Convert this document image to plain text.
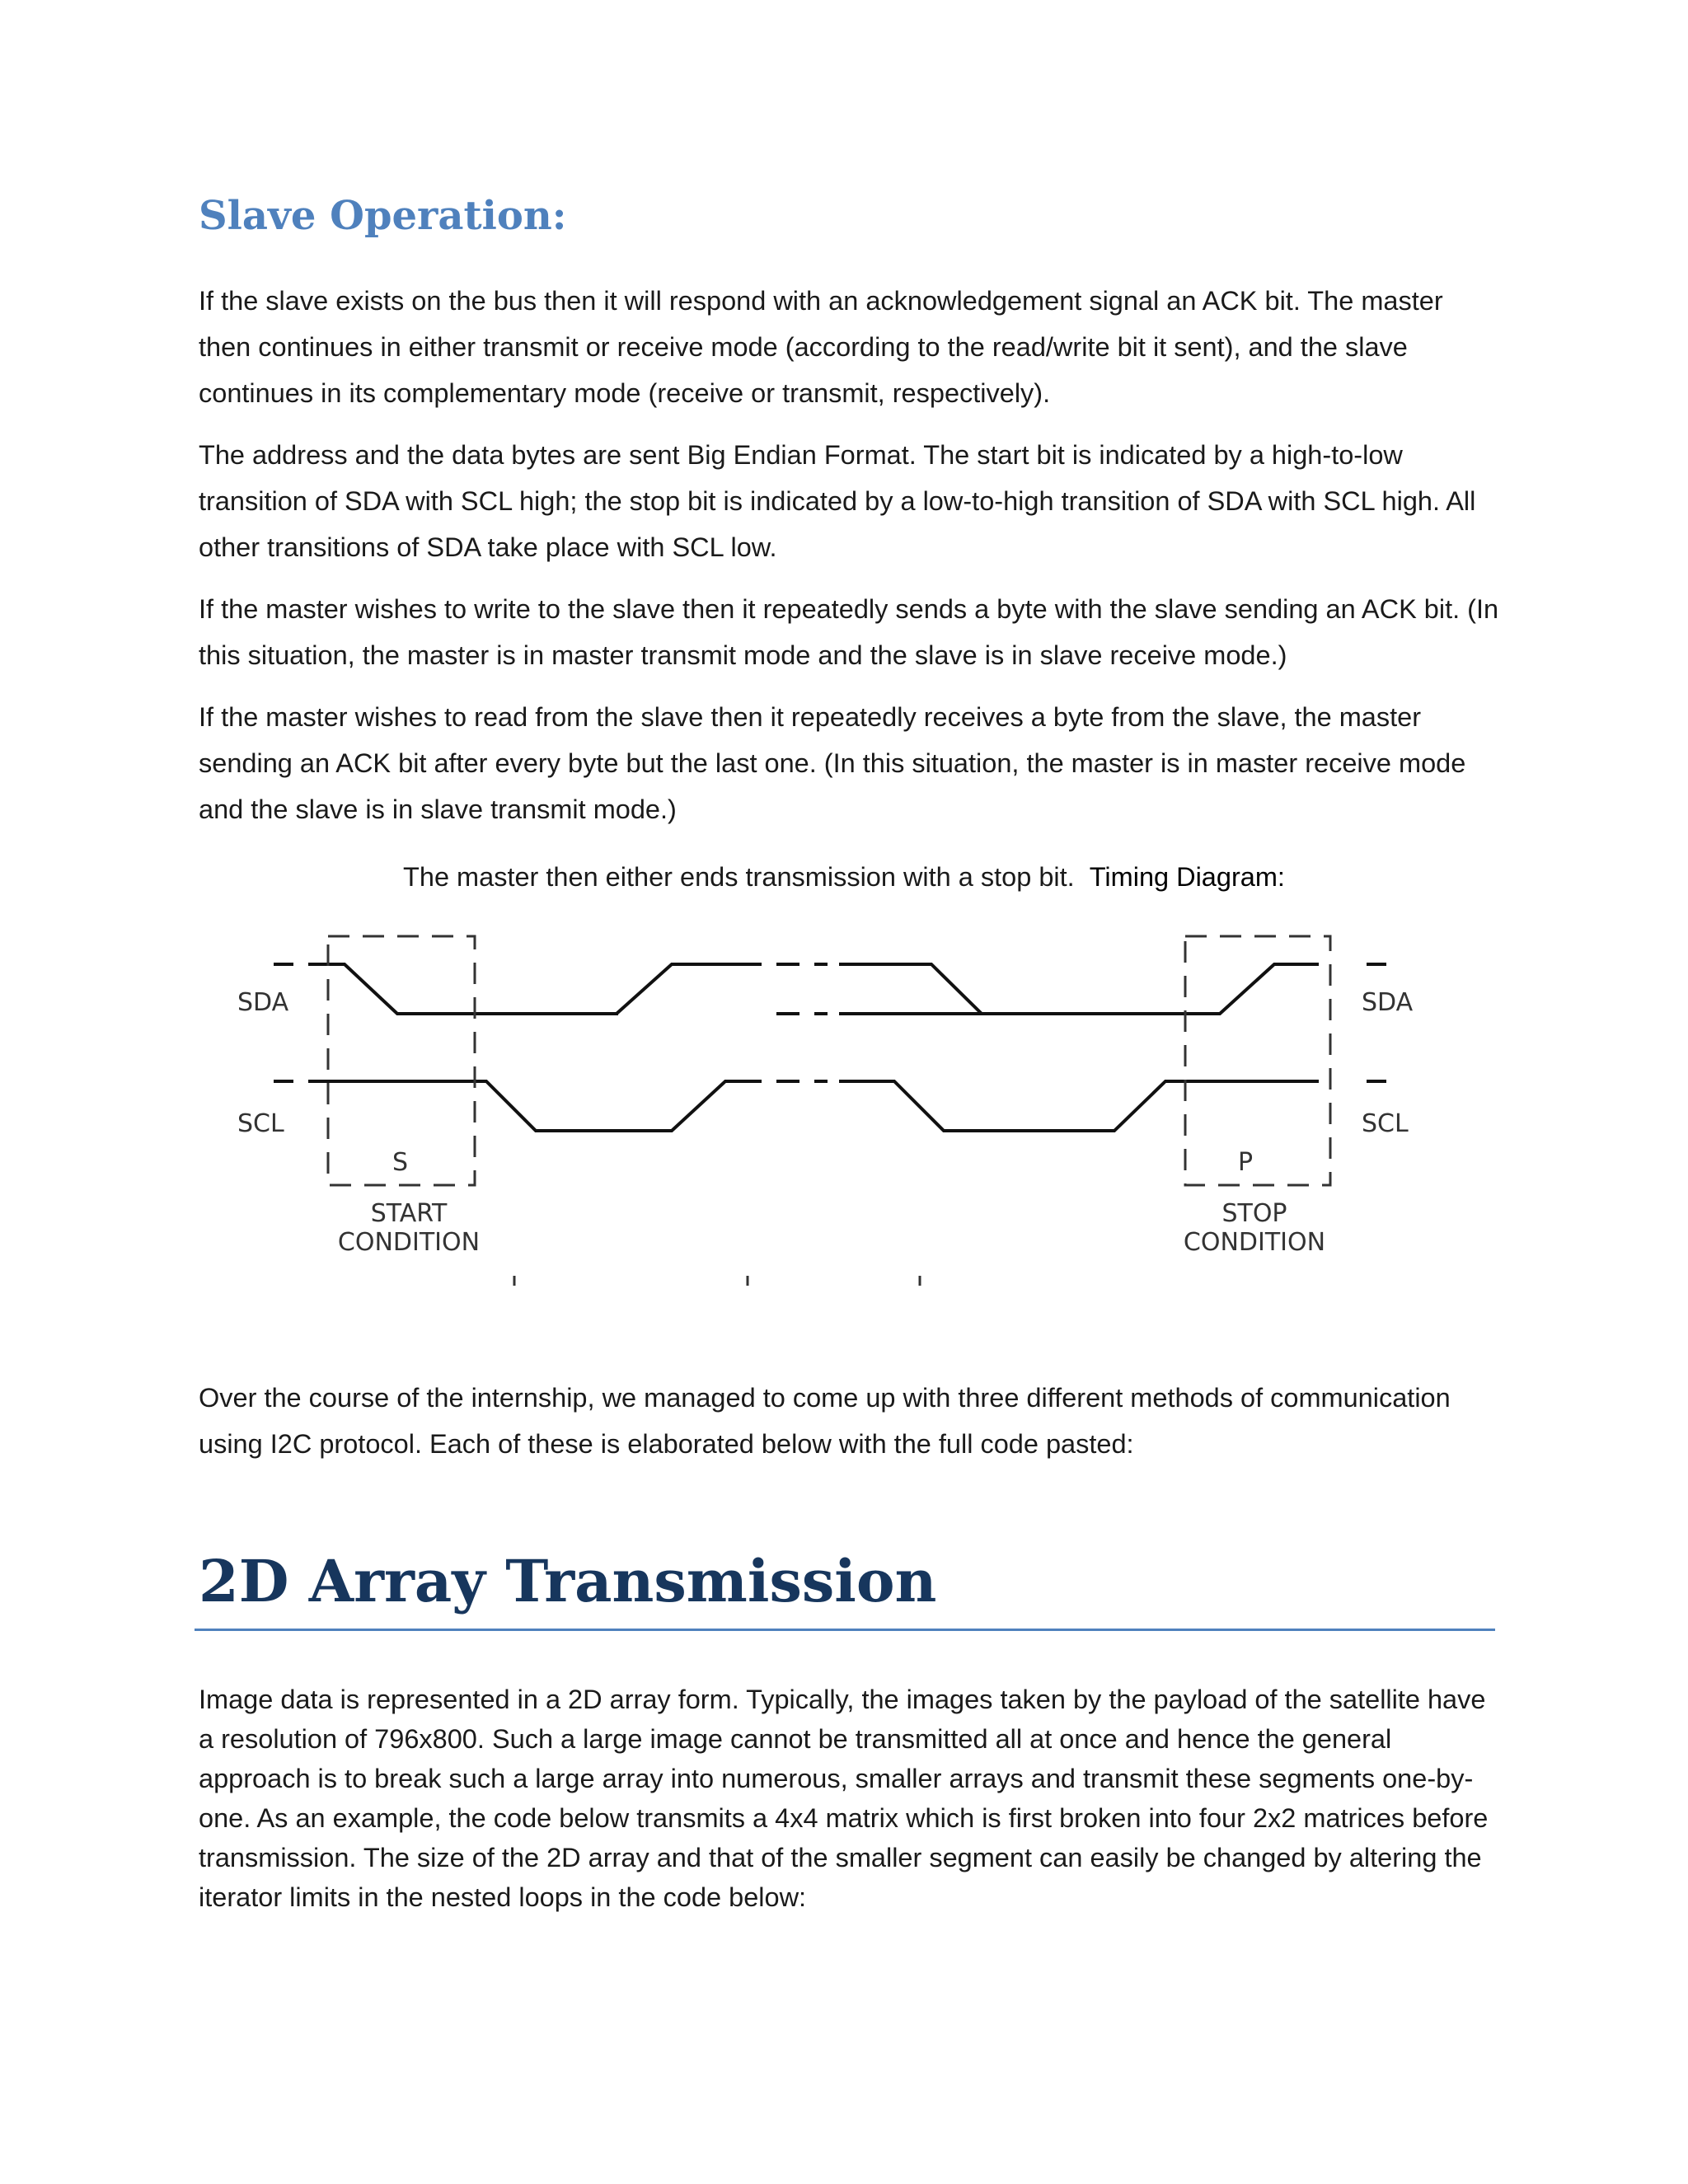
Slave Operation:

If the slave exists on the bus then it will respond with an acknowledgement signal an ACK bit. The master then continues in either transmit or receive mode (according to the read/write bit it sent), and the slave continues in its complementary mode (receive or transmit, respectively).

The address and the data bytes are sent Big Endian Format. The start bit is indicated by a high-to-low transition of SDA with SCL high; the stop bit is indicated by a low-to-high transition of SDA with SCL high. All other transitions of SDA take place with SCL low.

If the master wishes to write to the slave then it repeatedly sends a byte with the slave sending an ACK bit. (In this situation, the master is in master transmit mode and the slave is in slave receive mode.)

If the master wishes to read from the slave then it repeatedly receives a byte from the slave, the master sending an ACK bit after every byte but the last one. (In this situation, the master is in master receive mode and the slave is in slave transmit mode.)

The master then either ends transmission with a stop bit. Timing Diagram:

SDA	SDA
SCL	SCL
S	P
START
CONDITION
STOP
CONDITION

Over the course of the internship, we managed to come up with three different methods of communication using I2C protocol. Each of these is elaborated below with the full code pasted:

2D Array Transmission

Image data is represented in a 2D array form. Typically, the images taken by the payload of the satellite have a resolution of 796x800. Such a large image cannot be transmitted all at once and hence the general approach is to break such a large array into numerous, smaller arrays and transmit these segments one-by-one. As an example, the code below transmits a 4x4 matrix which is first broken into four 2x2 matrices before transmission. The size of the 2D array and that of the smaller segment can easily be changed by altering the iterator limits in the nested loops in the code below:
